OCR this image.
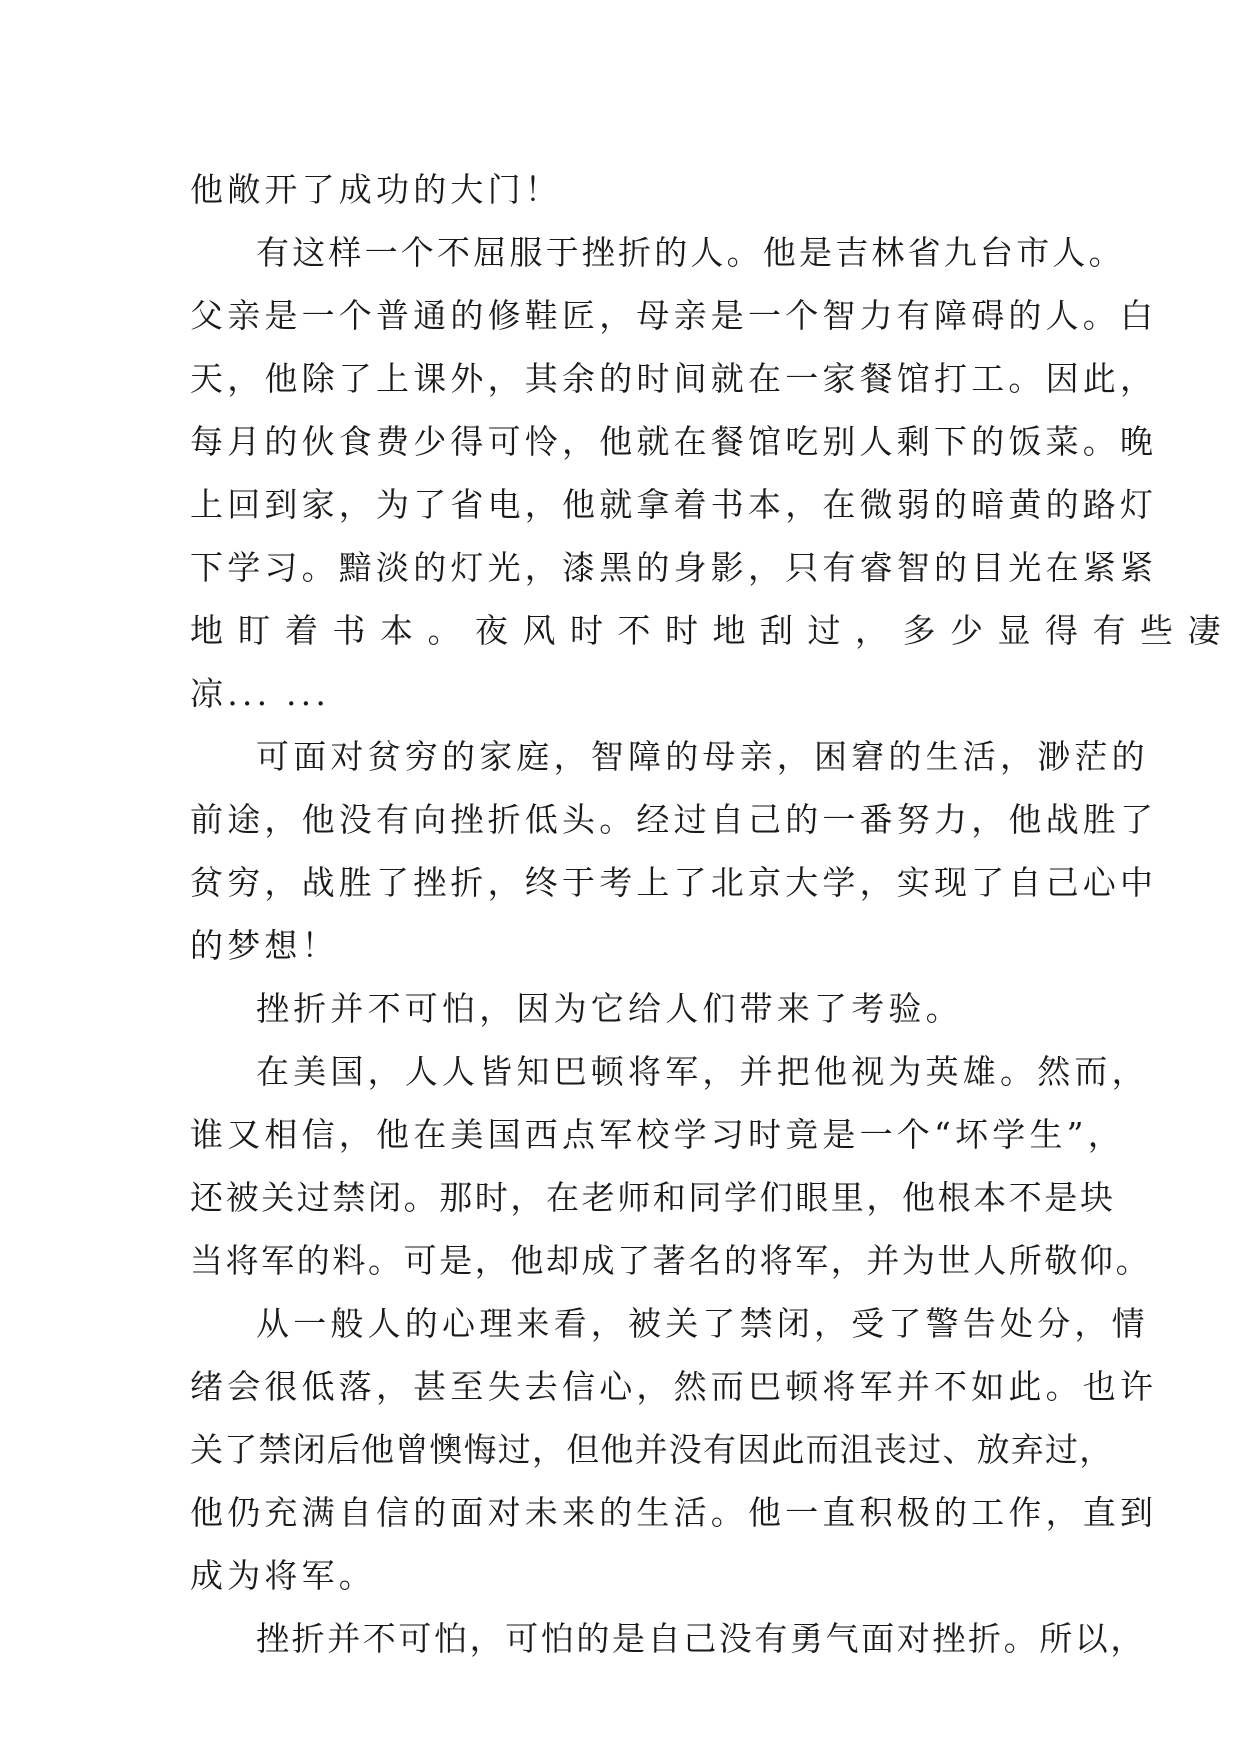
他敞开了成功的大门！
有这样一个不屈服于挫折的人。他是吉林省九台市人。
父亲是一个普通的修鞋匠，母亲是一个智力有障碍的人。白
天，他除了上课外，其余的时间就在一家餐馆打工。因此，
每月的伙食费少得可怜，他就在餐馆吃别人剩下的饭菜。晚
上回到家，为了省电，他就拿着书本，在微弱的暗黄的路灯
下学习。黯淡的灯光，漆黑的身影，只有睿智的目光在紧紧
地盯着书本。夜风时不时地刮过，多少显得有些凄
凉... ...
可面对贫穷的家庭，智障的母亲，困窘的生活，渺茫的
前途，他没有向挫折低头。经过自己的一番努力，他战胜了
贫穷，战胜了挫折，终于考上了北京大学，实现了自己心中
的梦想！
挫折并不可怕，因为它给人们带来了考验。
在美国，人人皆知巴顿将军，并把他视为英雄。然而，
谁又相信，他在美国西点军校学习时竟是一个“坏学生”，
还被关过禁闭。那时，在老师和同学们眼里，他根本不是块
当将军的料。可是，他却成了著名的将军，并为世人所敬仰。
从一般人的心理来看，被关了禁闭，受了警告处分，情
绪会很低落，甚至失去信心，然而巴顿将军并不如此。也许
关了禁闭后他曾懊悔过，但他并没有因此而沮丧过、放弃过，
他仍充满自信的面对未来的生活。他一直积极的工作，直到
成为将军。
挫折并不可怕，可怕的是自己没有勇气面对挫折。所以，
